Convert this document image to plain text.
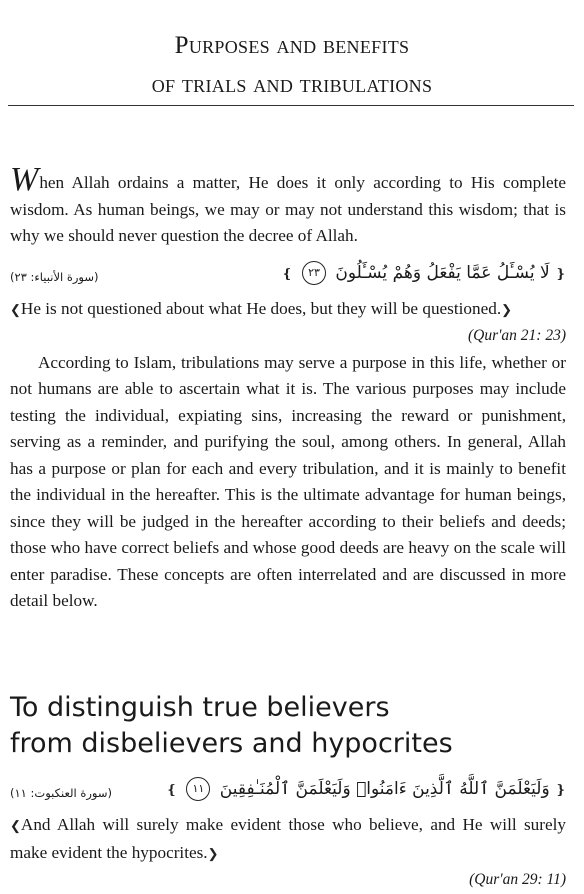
Purposes and benefits
of trials and tribulations

When Allah ordains a matter, He does it only according to His complete wisdom. As human beings, we may or may not understand this wisdom; that is why we should never question the decree of Allah.

❴ لَا يُسْـَٔلُ عَمَّا يَفْعَلُ وَهُمْ يُسْـَٔلُونَ ٢٣ ❵
(سورة الأنبياء: ٢٣)
❮He is not questioned about what He does, but they will be questioned.❯
(Qur'an 21: 23)

According to Islam, tribulations may serve a purpose in this life, whether or not humans are able to ascertain what it is. The various purposes may include testing the individual, expiating sins, increasing the reward or punishment, serving as a reminder, and purifying the soul, among others. In general, Allah has a purpose or plan for each and every tribulation, and it is mainly to benefit the individual in the hereafter. This is the ultimate advantage for human beings, since they will be judged in the hereafter according to their beliefs and deeds; those who have correct beliefs and whose good deeds are heavy on the scale will enter paradise. These concepts are often interrelated and are discussed in more detail below.

To distinguish true believers
from disbelievers and hypocrites
❴ وَلَيَعْلَمَنَّ ٱللَّهُ ٱلَّذِينَ ءَامَنُوا۟ وَلَيَعْلَمَنَّ ٱلْمُنَـٰفِقِينَ ١١ ❵
(سورة العنكبوت: ١١)
❮And Allah will surely make evident those who believe, and He will surely make evident the hypocrites.❯
(Qur'an 29: 11)
